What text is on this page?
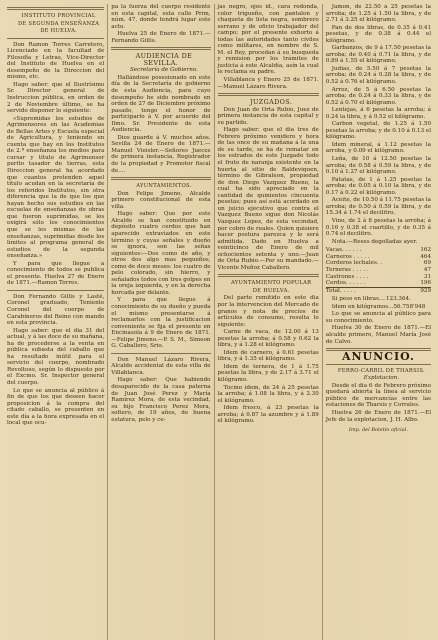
INSTITUTO PROVINCIAL

DE SEGUNDA ENSEÑANZA

DE HUELVA.

Don Ramon Torres Carretero, Licenciado en la facultad de Filosofía y Letras, Vice-Director del Instituto de Huelva en el desempeño de la Direccion del mismo, etc.

Hago saber: que el Ilustrísimo Sr. Director general de Instruccion pública, en orden de 2 de Noviembre último, se ha servido disponer lo siguiente:

«Supremidas los estudios de Agrimensores en las Academias de Bellas Artes y Escuela especial de Agricultura, y teniendo en cuenta que hay en los Institutos de 2.ª enseñanza los medios para cursar y título de Agrimensor perito tasador de tierras, esta Direccion general ha acordado que cuantos pretenden aquel título acudan en la secretaría de los referidos Institutos, sin otra diferencia que la de que los que hayan hecho sus estudios en las escuelas de enseñanzas de obras que fueron suprimidas, se les exigirá sólo los conocimientos que se les mismas de las enseñanzas, suprimidas desde los límites al programa general de estudios de la segunda enseñanza.»

Y para que llegue a conocimiento de todos se publica el presente. Huelva 27 de Enero de 1871.—Ramon Torres.

Don Fernando Gillis y Lasté, Coronel graduado, Teniente Coronel del cuerpo de Carabineros del Reino con mando en esta provincia.

Hago saber: que el dia 31 del actual, y á las doce de su mañana, ha de procederse a la venta en pública subasta del caballo que ha resultado inútil para el servicio del cuerpo, nombrado Revoltoso, según lo dispuesto por el Excmo. Sr. Inspector general del cuerpo.

Lo que se anuncia al público á fin de que los que deseen hacer proposicion á la compra del citado caballo, se presenten en este día a la hora expresada en el local que ocu-

pa la fuerza del cuerpo residente en esta capital, esta calle Prim, núm. 47, donde tendrá lugar este acto.

Huelva 25 de Enero de 1871.—Fernando Gillis.

AUDIENCIA DE SEVILLA.

Secretaría de Gobierno.

Hallándose posesionado en este día de la Secretaría de gobierno de esta Audiencia, para cuyo desempeño he sido nombrado en orden de 27 de Diciembre próximo pasado, tengo el honor de participarlo á V. por acuerdo del Ilmo. Sr. Presidente de esta Audiencia.

Dios guarde á V. muchos años. Sevilla 24 de Enero de 1871.—Manuel Vieisler.—Señores Jueces de primera instancia, Registrador de la propiedad y Promotor fiscal de....

AYUNTAMIENTOS.

Don Felipe Jimeno, Alcalde primero constitucional de esta villa.

Hago saber: Que por este Alcalde se han constituido en depósito cuatro cerdos que han aparecido extraviados en este término y cuyas señales y dueño se ignora, son las señas siguientes:—Dos como de año, y otros dos algo mas pequeños, como de doce meses: los cuatro de pelo colorado, sin hierro, y señalados todos con tres golpes en la oreja izquierda, y en la derecha horcada por delante.

Y para que llegue á conocimiento de su dueño y pueda el mismo presentarse á reclamarlos con la justificacion conveniente se fija el presente en Encinasola á 9 de Enero de 1871.—Felipe Jimeno.—P. S. M., Simeon G. Caballero, Srio.

Don Manuel Lázaro Rivera, Alcalde accidental de esta villa de Villablanca.

Hago saber: Que habiendo desaparecido de la casa paterna de Juan José Perez y María Ramirez Mora, de esta vecindad, su hijo Francisco Perez Mora, soltero, de 19 años, de buena estatura, pelo y ce-

jas negro, ojos id., cara redonda, color trigueño, con pantalon y chaqueta de lista negra, sombrero serrano y de oficio trabajador del campo; por el presente exhorto á todas las autoridades tanto civiles como militares, en nombre de S. M. el Rey, procedan á su busqueda y remision por los trámites de justicia á este Alcaldía, asín la cual le reclama su padre.

Villablanca y Enero 25 de 1871.—Manuel Lázaro Rivera.

JUZGADOS.

Don Juan de Orta Rubio, Juez de primera instancia de esta capital y su partido.

Hago saber: que el dia tres de Febrero próximo venidero y hora de las once de su mañana á la una de su tarde, se ha de rematar en los estrados de este Juzgado todo el fruto de naranja existente en la huerta al sitio de Baldeviquen, término de Gibraleon, propiedad de don Diego Vazquez Bueno, la cual ha sido apreciado en la cantidad de quinientos cincuenta pesetas; pues así está acordado en un juicio ejecutivo que contra el Vazquez Bueno sigue don Nicolás Vazquez Lopez, de esta vecindad, por cobro de reales. Quien quisiere hacer postura parezca y le será admitida. Dado en Huelva a veinticinco de Enero de mil ochocientos setenta y uno.—Juan de Orta Rubio.—Por su mandado.—Vicente Muñoz Caballero.

AYUNTAMIENTO POPULAR

DE HUELVA.

Del parte remitido en este dia por la intervencion del Mercado de granos y nota de precios de artículos de consumo, resulta lo siguiente:

Carne de vaca, de 12.00 á 13 pesetas la arroba; á 0.58 y 0.62 la libra, y á 1.28 el kilógramo.

Idem de carnero, á 0.61 pesetas libra, y á 1.35 el kilógramo.

Idem de ternera, de 1 á 1.75 pesetas la libra, y de 2.17 á 3.71 el kilógramo.

Tocino idem, de 24 á 25 pesetas la arroba; á 1.08 la libra, y á 2.30 el kilógramo.

Idem fresco, á 23 pesetas la arroba; á 0.87 la azumbre y á 1.89 el kilógramo.

Jamon, de 22.50 á 25 pesetas la arroba; de 1.25 á 1.50 la libra, y de 2.71 á 3.25 el kilógramo.

Pan de dos libras, de 0.35 á 0.41 pesetas, y de 0.38 á 0.44 el kilógramo.

Garbanzos, de 9 á 17.50 pesetas la arroba; de 0.40 á 0.71 la libra, y de 0.89 á 1.55 el kilógramo.

Judias, de 5.50 á 7 pesetas la arroba; de 0.24 á 0.28 la libra, y de 0.52 á 0.76 el kilógramo.

Arroz, de 5 á 6.50 pesetas la arroba; de 0.24 á 0.33 la libra, y de 0.52 á 0.70 el kilógramo.

Lentejas, á 6 pesetas la arroba; á 0.24 la libra, y á 0.52 el kilógramo.

Carbon vegetal, de 1.25 á 1.50 pesetas la arroba; y de 0.10 á 0.13 el kilógramo.

Idem mineral, á 1.12 pesetas la arroba, y 0.09 el kilógramo.

Leña, de 10 á 12.50 pesetas la arroba; de 0.58 á 0.59 la libra, y de 0.10 á 1.27 el kilógramo.

Patatas, de 1 á 1.25 pesetas la arroba; de 0.05 á 0.10 la libra, y de 0.17 á 0.22 el kilógramo.

Aceite, de 10.50 á 11.75 pesetas la arroba; de 0.50 á 0.59 la libra, y de 15.34 á 1.74 el decilitro.

Vino, de 2 á 8 pesetas la arroba; á 0.16 y 0.38 el cuartillo, y de 0.35 á 0.74 el decilitro.

Nota.—Reses degolladas ayer.

Vacas. . . . . .	162
Carneros . . . . .	464
Corderos lechales. .	69
Terneras . . . . .	47
Castrones . . . .	31
Cerdos. . . . . .	196
Total. . . . .	929

Si peso en libras....123.364.

Idem en kilógramos...56.758'948

Lo que se anuncia al público para su conocimiento.

Huelva 30 de Enero de 1871.—El alcalde primero, Manuel María José de Calvo.

ANUNCIO.

FERRO-CARRIL DE THARSIS.

Explotacion.

Desde el dia 6 de Febrero próximo quedará abierta la línea al servicio público de mercancías entre las estaciones de Tharsis y Corrales.

Huelva 26 de Enero de 1871.—El Jefe de la explotacion, J. H. Albo.

Imp. del Boletin oficial.
